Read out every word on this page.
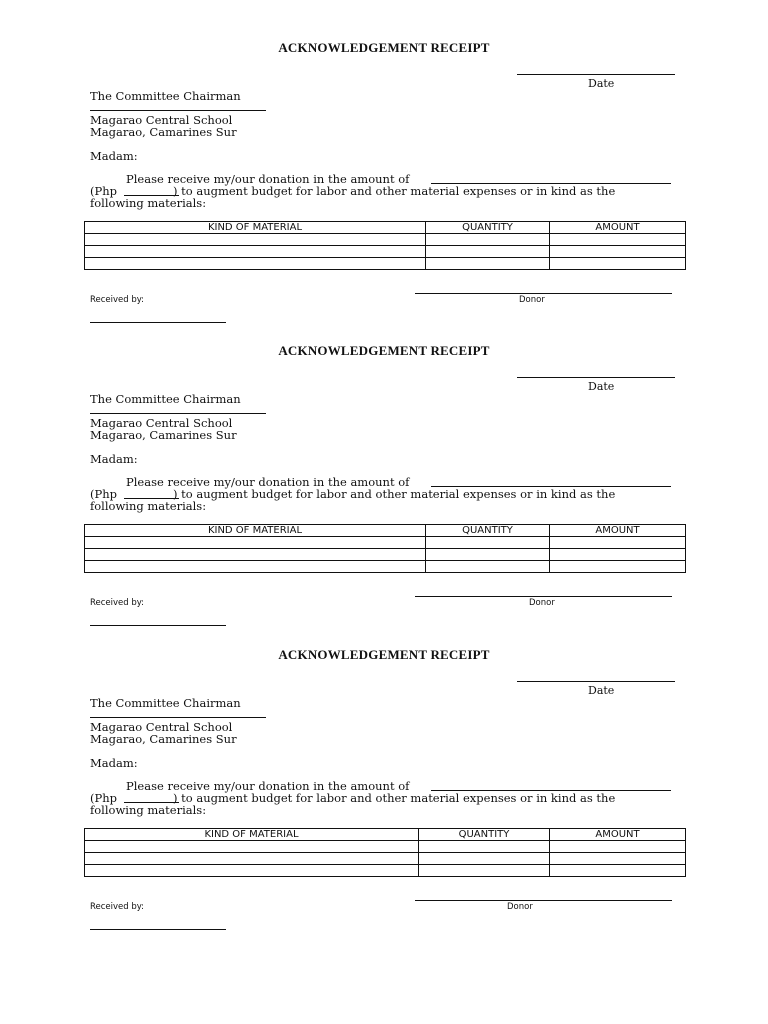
ACKNOWLEDGEMENT RECEIPT
Date
The Committee Chairman
Magarao Central School
Magarao, Camarines Sur
Madam:
Please receive my/our donation in the amount of
(Php	) to augment budget for labor and other material expenses or in kind as the
following materials:
KIND OF MATERIAL	QUANTITY	AMOUNT

Donor
Received by:
ACKNOWLEDGEMENT RECEIPT
Date
The Committee Chairman
Magarao Central School
Magarao, Camarines Sur
Madam:
Please receive my/our donation in the amount of
(Php	) to augment budget for labor and other material expenses or in kind as the
following materials:
KIND OF MATERIAL	QUANTITY	AMOUNT

Donor
Received by:
ACKNOWLEDGEMENT RECEIPT
Date
The Committee Chairman
Magarao Central School
Magarao, Camarines Sur
Madam:
Please receive my/our donation in the amount of
(Php	) to augment budget for labor and other material expenses or in kind as the
following materials:
KIND OF MATERIAL	QUANTITY	AMOUNT

Donor
Received by:
